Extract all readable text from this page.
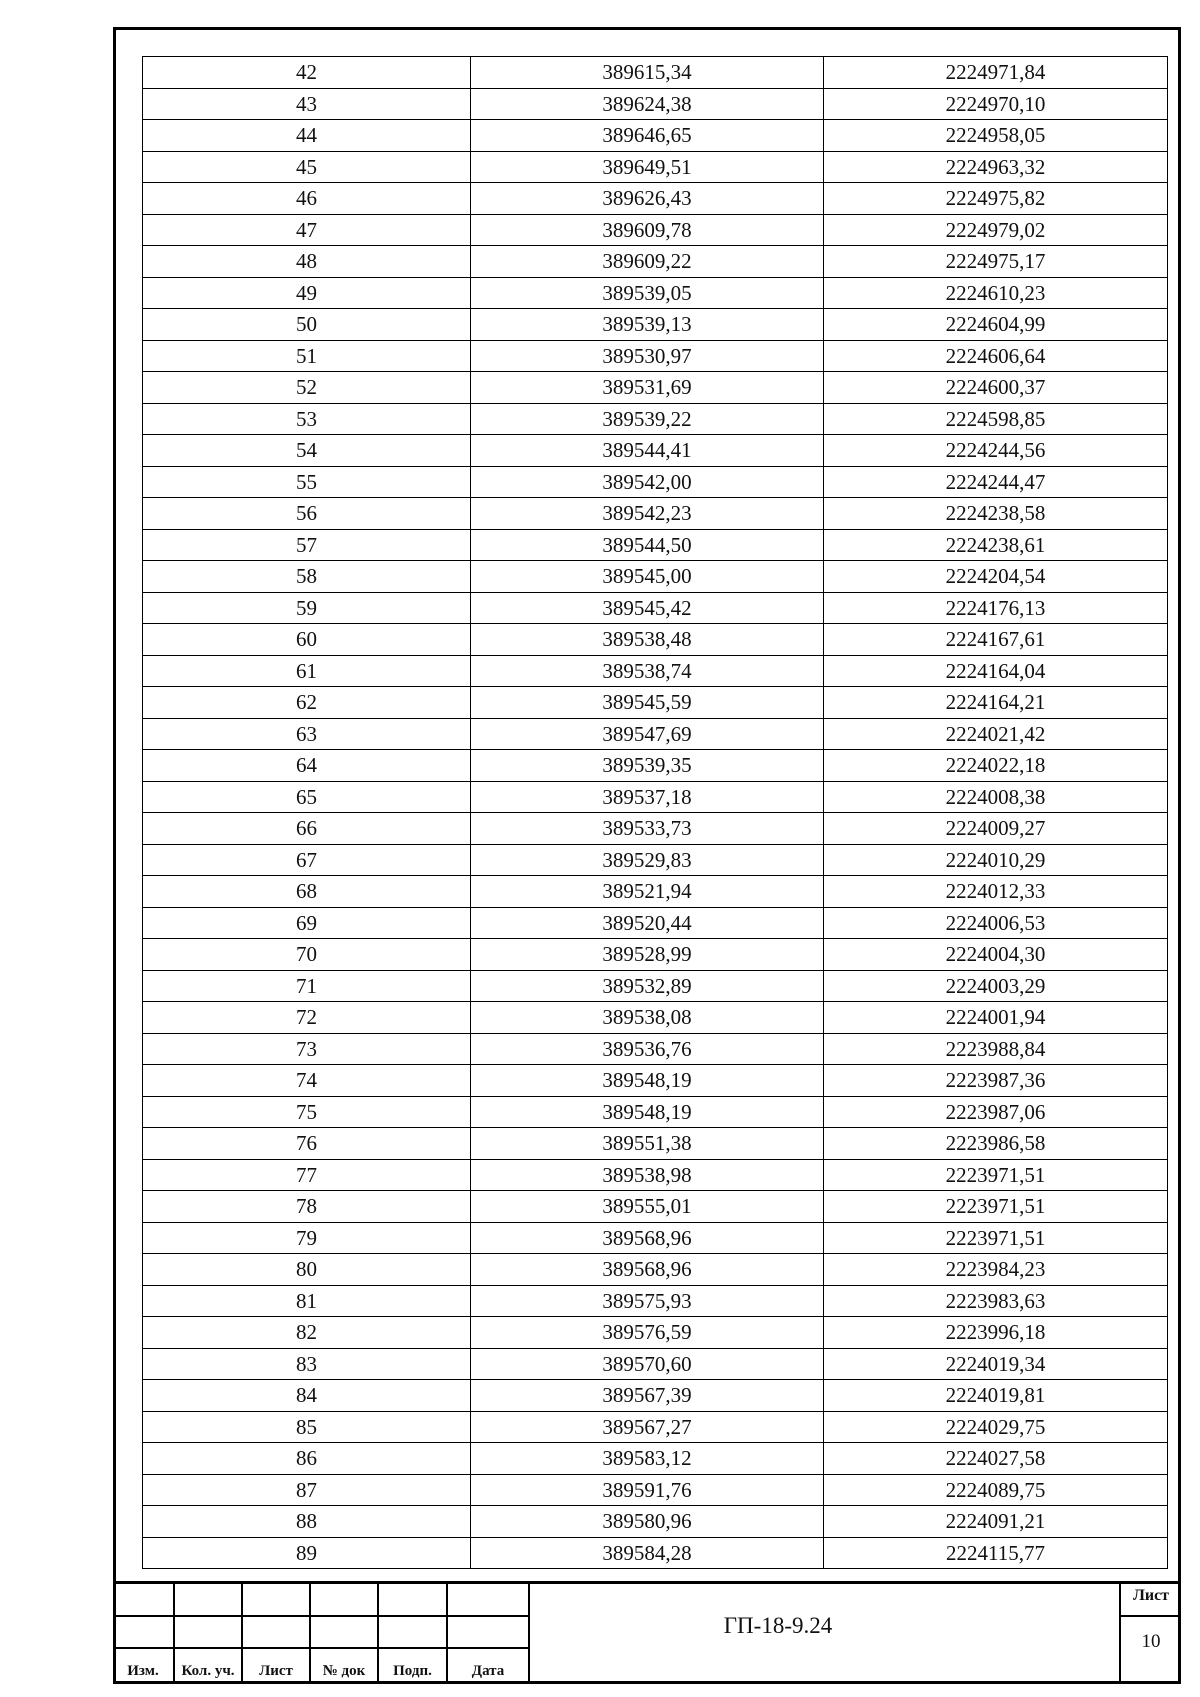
42	389615,34	2224971,84
43	389624,38	2224970,10
44	389646,65	2224958,05
45	389649,51	2224963,32
46	389626,43	2224975,82
47	389609,78	2224979,02
48	389609,22	2224975,17
49	389539,05	2224610,23
50	389539,13	2224604,99
51	389530,97	2224606,64
52	389531,69	2224600,37
53	389539,22	2224598,85
54	389544,41	2224244,56
55	389542,00	2224244,47
56	389542,23	2224238,58
57	389544,50	2224238,61
58	389545,00	2224204,54
59	389545,42	2224176,13
60	389538,48	2224167,61
61	389538,74	2224164,04
62	389545,59	2224164,21
63	389547,69	2224021,42
64	389539,35	2224022,18
65	389537,18	2224008,38
66	389533,73	2224009,27
67	389529,83	2224010,29
68	389521,94	2224012,33
69	389520,44	2224006,53
70	389528,99	2224004,30
71	389532,89	2224003,29
72	389538,08	2224001,94
73	389536,76	2223988,84
74	389548,19	2223987,36
75	389548,19	2223987,06
76	389551,38	2223986,58
77	389538,98	2223971,51
78	389555,01	2223971,51
79	389568,96	2223971,51
80	389568,96	2223984,23
81	389575,93	2223983,63
82	389576,59	2223996,18
83	389570,60	2224019,34
84	389567,39	2224019,81
85	389567,27	2224029,75
86	389583,12	2224027,58
87	389591,76	2224089,75
88	389580,96	2224091,21
89	389584,28	2224115,77
Изм.	Кол. уч.	Лист	№ док	Подп.	Дата
ГП-18-9.24
Лист
10
